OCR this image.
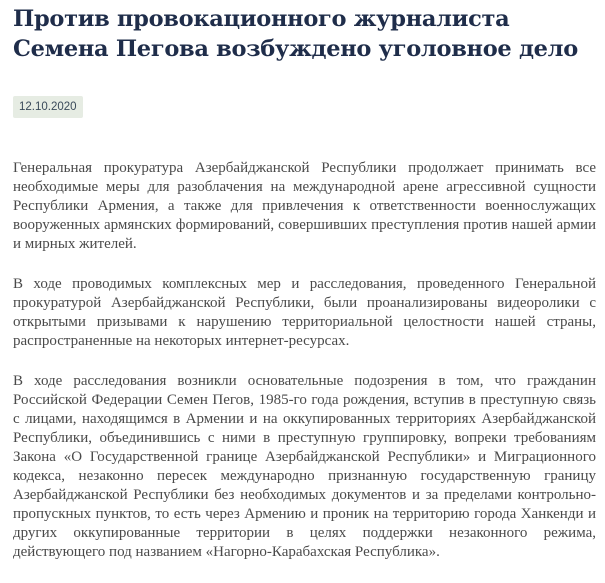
Против провокационного журналиста Семена Пегова возбуждено уголовное дело
12.10.2020

Генеральная прокуратура Азербайджанской Республики продолжает принимать все необходимые меры для разоблачения на международной арене агрессивной сущности Республики Армения, а также для привлечения к ответственности военнослужащих вооруженных армянских формирований, совершивших преступления против нашей армии и мирных жителей.

В ходе проводимых комплексных мер и расследования, проведенного Генеральной прокуратурой Азербайджанской Республики, были проанализированы видеоролики с открытыми призывами к нарушению территориальной целостности нашей страны, распространенные на некоторых интернет-ресурсах.

В ходе расследования возникли основательные подозрения в том, что гражданин Российской Федерации Семен Пегов, 1985-го года рождения, вступив в преступную связь с лицами, находящимся в Армении и на оккупированных территориях Азербайджанской Республики, объединившись с ними в преступную группировку, вопреки требованиям Закона «О Государственной границе Азербайджанской Республики» и Миграционного кодекса, незаконно пересек международно признанную государственную границу Азербайджанской Республики без необходимых документов и за пределами контрольно-пропускных пунктов, то есть через Армению и проник на территорию города Ханкенди и других оккупированные территории в целях поддержки незаконного режима, действующего под названием «Нагорно-Карабахская Республика».
